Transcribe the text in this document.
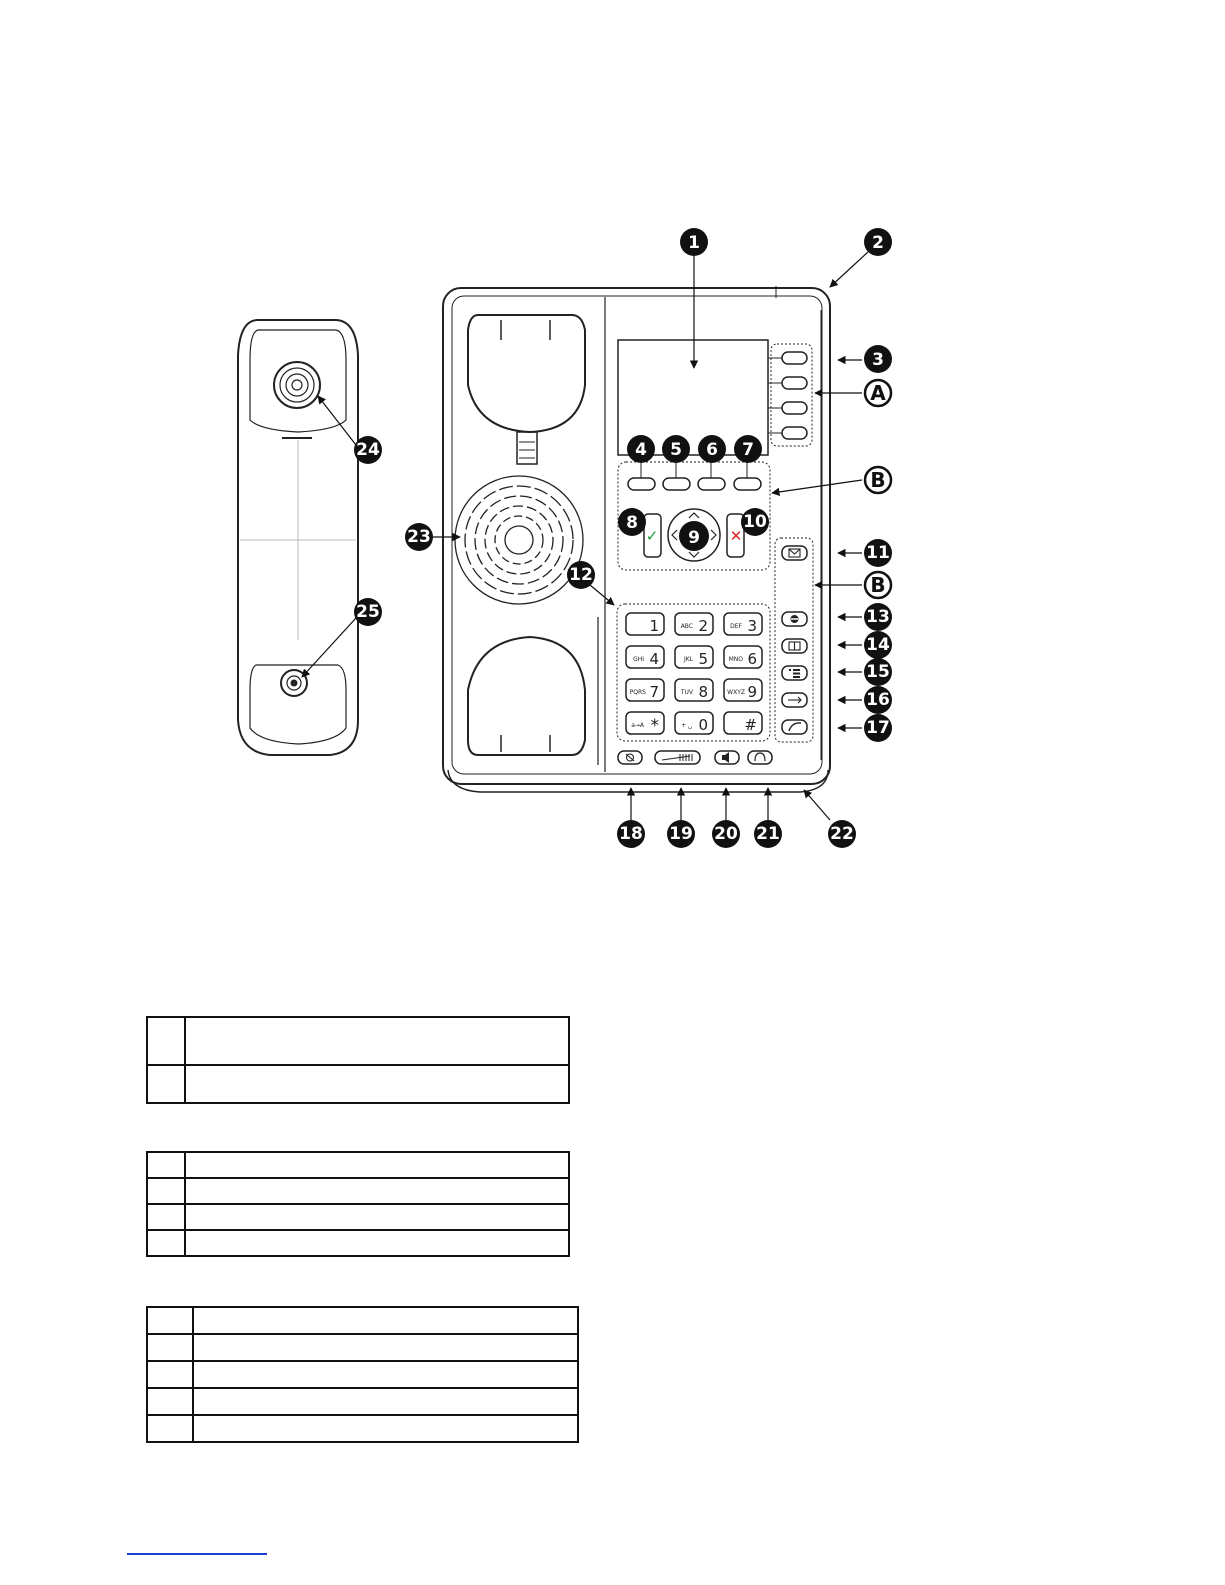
✓	✕
1	2
ABC	3
DEF
4
GHI	5
JKL	6
MNO
7
PQRS	8
TUV	9
WXYZ
*
a→A	0
+ ␣	#
1	2
3
A
4 5 6 7
B
8
9
10
11
B
12
13
14
15
16
17
18 19 20 21	22
23
24
25
